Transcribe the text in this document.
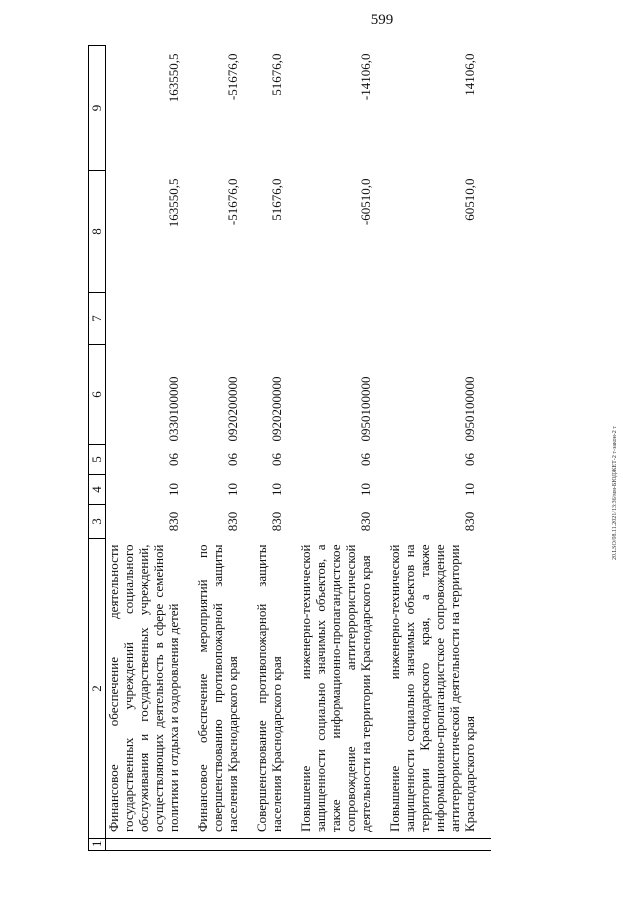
599
20.LSO/08.11.2021/13:36/мм-БЮДЖЕТ-2 т-закон-2 т
1	2	3	4	5	6	7	8	9
	Финансовое обеспечение деятельности государственных учреждений социального обслуживания и государственных учреждений, осуществляющих деятельность в сфере семейной политики и отдыха и оздоровления детей	830	10	06	0330100000		163550,5	163550,5
	Финансовое обеспечение мероприятий по совершенствованию противопожарной защиты населения Краснодарского края	830	10	06	0920200000		-51676,0	-51676,0
	Совершенствование противопожарной защиты населения Краснодарского края	830	10	06	0920200000		51676,0	51676,0
	Повышение инженерно-технической защищенности социально значимых объектов, а также информационно-пропагандистское сопровождение антитеррористической деятельности на территории Краснодарского края	830	10	06	0950100000		-60510,0	-14106,0
	Повышение инженерно-технической защищенности социально значимых объектов на территории Краснодарского края, а также информационно-пропагандистское сопровождение антитеррористической деятельности на территории Краснодарского края	830	10	06	0950100000		60510,0	14106,0
